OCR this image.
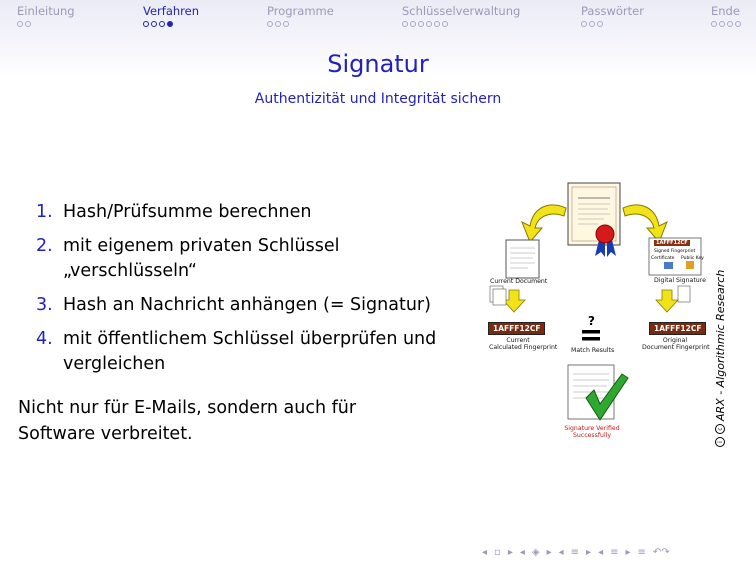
Einleitung	Verfahren	Programme	Schlüsselverwaltung	Passwörter	Ende
Signatur
Authentizität und Integrität sichern
1. Hash/Prüfsumme berechnen
2. mit eigenem privaten Schlüssel
„verschlüsseln“
3. Hash an Nachricht anhängen (= Signatur)
4. mit öffentlichem Schlüssel überprüfen und
vergleichen
Nicht nur für E-Mails, sondern auch für
Software verbreitet.
Current Document
1AFFF12CF
Current
Calculated Fingerprint
?
Match Results
1AFFF12CF
Original
Document Fingerprint
1AFFF12CF
Signed Fingerprint
Certificate Public Key
Digital Signature
Signature Verified
Successfully
i
c
ARX - Algorithmic Research
◂ ▫ ▸ ◂ ◈ ▸ ◂ ≡ ▸ ◂ ≡ ▸ ≡ ↶↷
